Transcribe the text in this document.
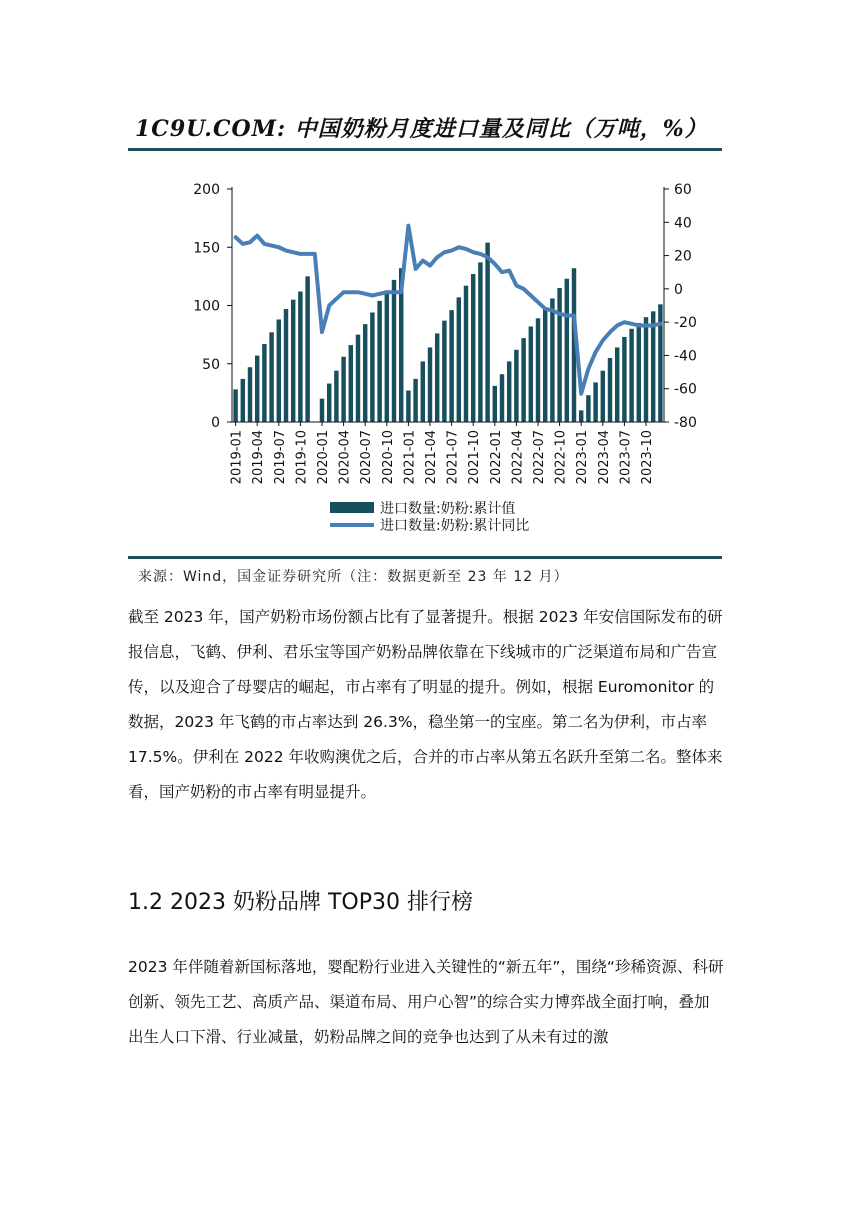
1C9U.COM: 中国奶粉月度进口量及同比（万吨，%）
0
50
100
150
200
-80
-60
-40
-20
0
20
40
60
2019-01 2019-04 2019-07 2019-10 2020-01 2020-04 2020-07 2020-10 2021-01 2021-04 2021-07 2021-10 2022-01 2022-04 2022-07 2022-10 2023-01 2023-04 2023-07 2023-10
进口数量:奶粉:累计值
进口数量:奶粉:累计同比
来源：Wind，国金证券研究所（注：数据更新至 23 年 12 月）

截至 2023 年，国产奶粉市场份额占比有了显著提升。根据 2023 年安信国际发布的研报信息，飞鹤、伊利、君乐宝等国产奶粉品牌依靠在下线城市的广泛渠道布局和广告宣传，以及迎合了母婴店的崛起，市占率有了明显的提升。例如，根据 Euromonitor 的数据，2023 年飞鹤的市占率达到 26.3%，稳坐第一的宝座。第二名为伊利，市占率 17.5%。伊利在 2022 年收购澳优之后，合并的市占率从第五名跃升至第二名。整体来看，国产奶粉的市占率有明显提升。

1.2 2023 奶粉品牌 TOP30 排行榜

2023 年伴随着新国标落地，婴配粉行业进入关键性的“新五年”，围绕“珍稀资源、科研创新、领先工艺、高质产品、渠道布局、用户心智”的综合实力博弈战全面打响，叠加出生人口下滑、行业减量，奶粉品牌之间的竞争也达到了从未有过的激
